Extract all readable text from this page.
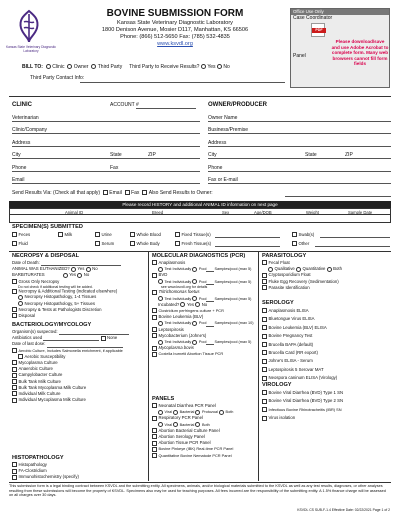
Kansas State Veterinary Diagnostic Laboratory
BOVINE SUBMISSION FORM
Kansas State Veterinary Diagnostic Laboratory
1800 Denison Avenue, Mosier D117, Manhattan, KS 66506
Phone: (866) 512-5650 Fax: (785) 532-4835
www.ksvdl.org
Office Use Only
Case Coordinator
PDF
Panel
Please download/save and use Adobe Acrobat to complete form. Many web browsers cannot fill form fields
BILL TO: Clinic Owner Third Party Third Party to Receive Results? Yes No
Third Party Contact Info:
CLINIC	ACCOUNT #
Veterinarian
Clinic/Company
Address
City	State	ZIP
Phone	Fax
Email
OWNER/PRODUCER
Owner Name
Business/Premise
Address
City	State	ZIP
Phone
Fax or E-mail
Send Results Via: (Check all that apply) Email Fax Also Send Results to Owner:
Please record HISTORY and additional ANIMAL ID information on next page
Animal ID	Breed	Sex	Age/DOB	Weight	Sample Date
SPECIMEN(S) SUBMITTED
Feces	Milk	Urine	Whole Blood	Fixed Tissue(s)	Swab(s)
Fluid	Serum	Whole Body	Fresh Tissue(s)	Other
NECROPSY & DISPOSAL
Date of Death:
ANIMAL WAS EUTHANIZED? Yes No
BARBITURATES	Yes No
Gross Only Necropsy
Do not check if additional testing will be added.
Necropsy & Additional Testing (indicated elsewhere)
Necropsy Histopathology, 1-4 Tissues
Necropsy Histopathology, 5+ Tissues
Necropsy & Tests at Pathologists Discretion
Disposal
BACTERIOLOGY/MYCOLOGY
Organism(s) suspected:
Antibiotics used	None
Date of last dose:
Aerobic Culture, Includes Salmonella enrichment, if applicable
Aerobic Susceptibility
Mycoplasma Culture
Anaerobic Culture
Campylobacter Culture
Bulk Tank Milk Culture
Bulk Tank Mycoplasma Milk Culture
Individual Milk Culture
Individual Mycoplasma Milk Culture
HISTOPATHOLOGY
Histopathology
FA-Clostridium
Immunohistochemistry (specify)
MOLECULAR DIAGNOSTICS (PCR)
Anaplasmosis
Test Individually Pool Samples/pool (max 5)
BVD
Test Individually Pool Samples/pool (max 5)
see www.ksvdl.org for details
Tritrichomonas foetus
Test Individually Pool Samples/pool (max 5)
Incubated? Yes No
Clostridium perfringens culture + PCR
Bovine Leukemia (BLV)
Test Individually Pool Samples/pool (max 10)
Leptospirosis
Mycobacterium (Johne's)
Test Individually Pool Samples/pool (max 5)
Mycoplasma bovis
Coxiella burnetii Abortion Tissue PCR
PANELS
Neonatal Diarrhea PCR Panel
Viral Bacterial Protozoal Both
Respiratory PCR Panel
Viral Bacterial Both
Abortion Bacterial Culture Panel
Abortion Serology Panel
Abortion Tissue PCR Panel
Bovine Pinkeye (IBK) Real-time PCR Panel
Quantitative Bovine Nematode PCR Panel
PARASITOLOGY
Fecal Float
Qualitative Quantitative Both
Cryptosporidium Float
Fluke Egg Recovery (Sedimentation)
Parasite Identification
SEROLOGY
Anaplasmosis ELISA
Bluetongue Virus ELISA
Bovine Leukemia (BLV) ELISA
Bovine Pregnancy Test
Brucella BAPA (default)
Brucella Card (RR export)
Johne's ELISA - Serum
Leptospirosis 5 Serovar MAT
Neospora caninum ELISA (Virology)
VIROLOGY
Bovine Viral Diarrhea (BVD) Type 1 SN
Bovine Viral Diarrhea (BVD) Type 2 SN
Infectious Bovine Rhinotracheitis (IBR) SN
Virus isolation
This submission form is a legal binding contract between KSVDL and the submitting entity. All specimens, animals, and/or biological materials submitted to the KSVDL as well as any test results, diagnoses, or other analyses resulting from these submissions will become the property of KSVDL. Specimens also may be used for teaching purposes. All fees incurred are the responsibility of the submitting entity. A 1.5% finance charge will be assessed on all charges over 30 days.
KSVDL CS SUB-F-1.4 Effective Date: 02/22/2021 Page 1 of 2
